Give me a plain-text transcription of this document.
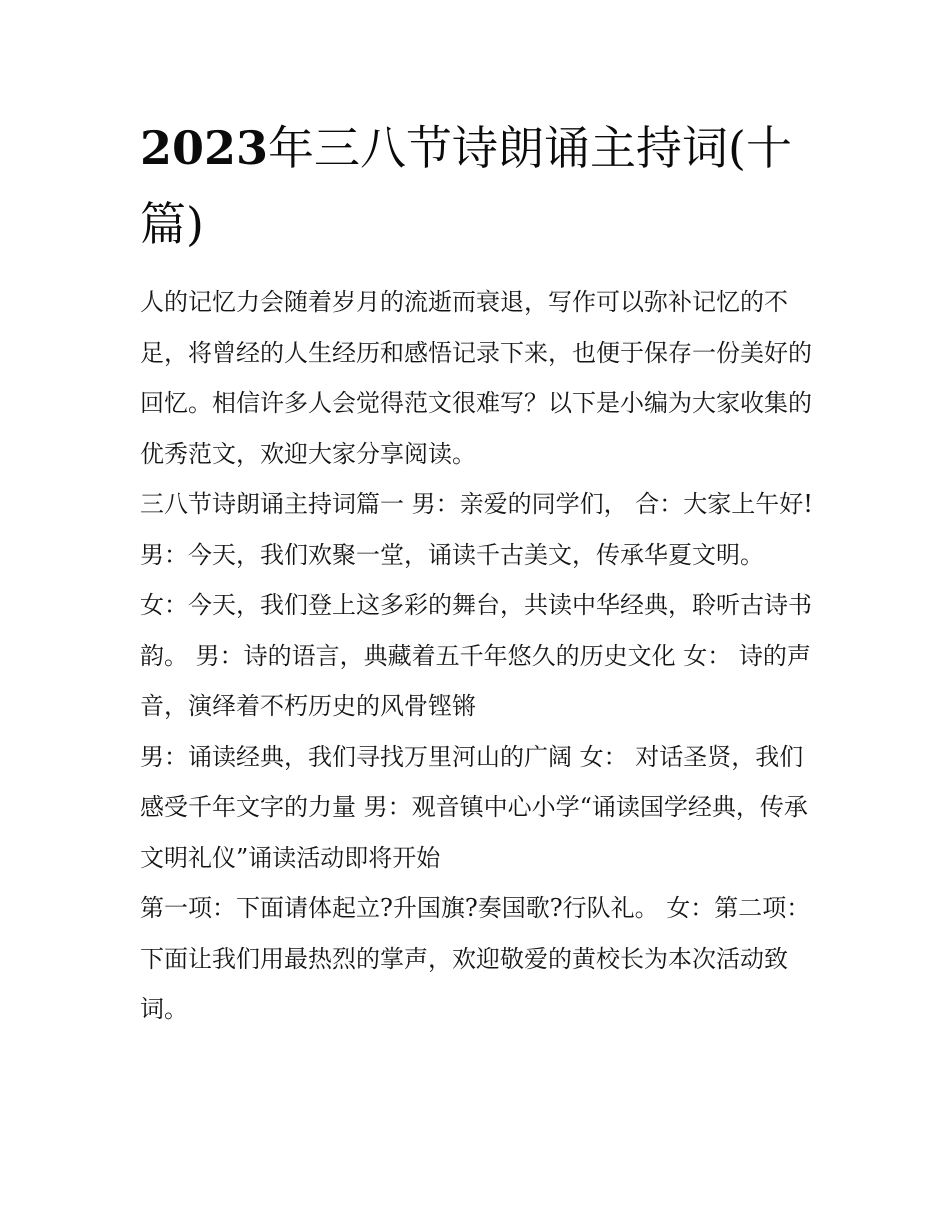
2023年三八节诗朗诵主持词(十篇)

人的记忆力会随着岁月的流逝而衰退，写作可以弥补记忆的不足，将曾经的人生经历和感悟记录下来，也便于保存一份美好的回忆。相信许多人会觉得范文很难写？以下是小编为大家收集的优秀范文，欢迎大家分享阅读。

三八节诗朗诵主持词篇一 男：亲爱的同学们， 合：大家上午好! 男：今天，我们欢聚一堂，诵读千古美文，传承华夏文明。

女：今天，我们登上这多彩的舞台，共读中华经典，聆听古诗书韵。 男：诗的语言，典藏着五千年悠久的历史文化 女： 诗的声音，演绎着不朽历史的风骨铿锵

男：诵读经典，我们寻找万里河山的广阔 女： 对话圣贤，我们感受千年文字的力量 男：观音镇中心小学“诵读国学经典，传承文明礼仪”诵读活动即将开始

第一项：下面请体起立?升国旗?奏国歌?行队礼。 女：第二项：下面让我们用最热烈的掌声，欢迎敬爱的黄校长为本次活动致词。
